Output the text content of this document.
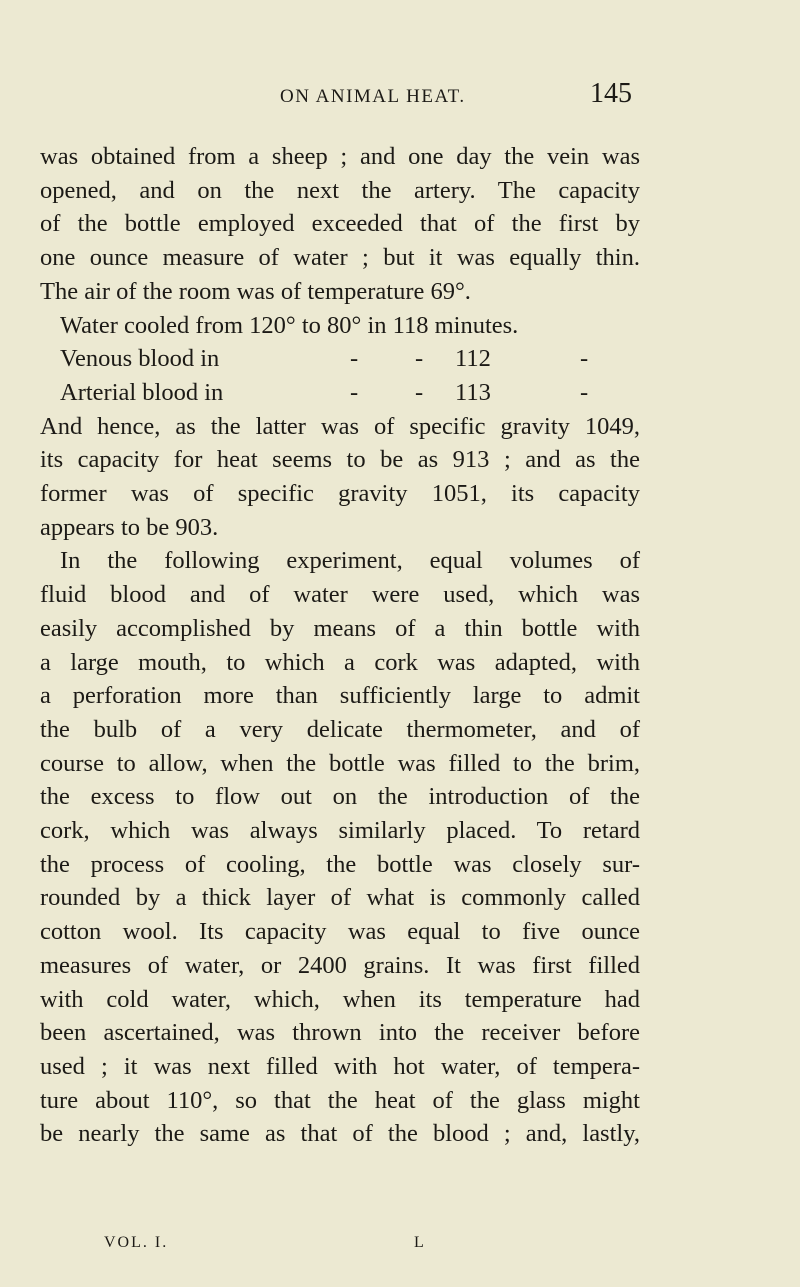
ON ANIMAL HEAT.	145
was obtained from a sheep ; and one day the vein was
opened, and on the next the artery. The capacity
of the bottle employed exceeded that of the first by
one ounce measure of water ; but it was equally thin.
The air of the room was of temperature 69°.
Water cooled from 120° to 80° in 118 minutes.
Venous blood in	- - 112	-
Arterial blood in	- - 113	-
And hence, as the latter was of specific gravity 1049,
its capacity for heat seems to be as 913 ; and as the
former was of specific gravity 1051, its capacity
appears to be 903.
In the following experiment, equal volumes of
fluid blood and of water were used, which was
easily accomplished by means of a thin bottle with
a large mouth, to which a cork was adapted, with
a perforation more than sufficiently large to admit
the bulb of a very delicate thermometer, and of
course to allow, when the bottle was filled to the brim,
the excess to flow out on the introduction of the
cork, which was always similarly placed. To retard
the process of cooling, the bottle was closely sur-
rounded by a thick layer of what is commonly called
cotton wool. Its capacity was equal to five ounce
measures of water, or 2400 grains. It was first filled
with cold water, which, when its temperature had
been ascertained, was thrown into the receiver before
used ; it was next filled with hot water, of tempera-
ture about 110°, so that the heat of the glass might
be nearly the same as that of the blood ; and, lastly,
VOL. I.	L
